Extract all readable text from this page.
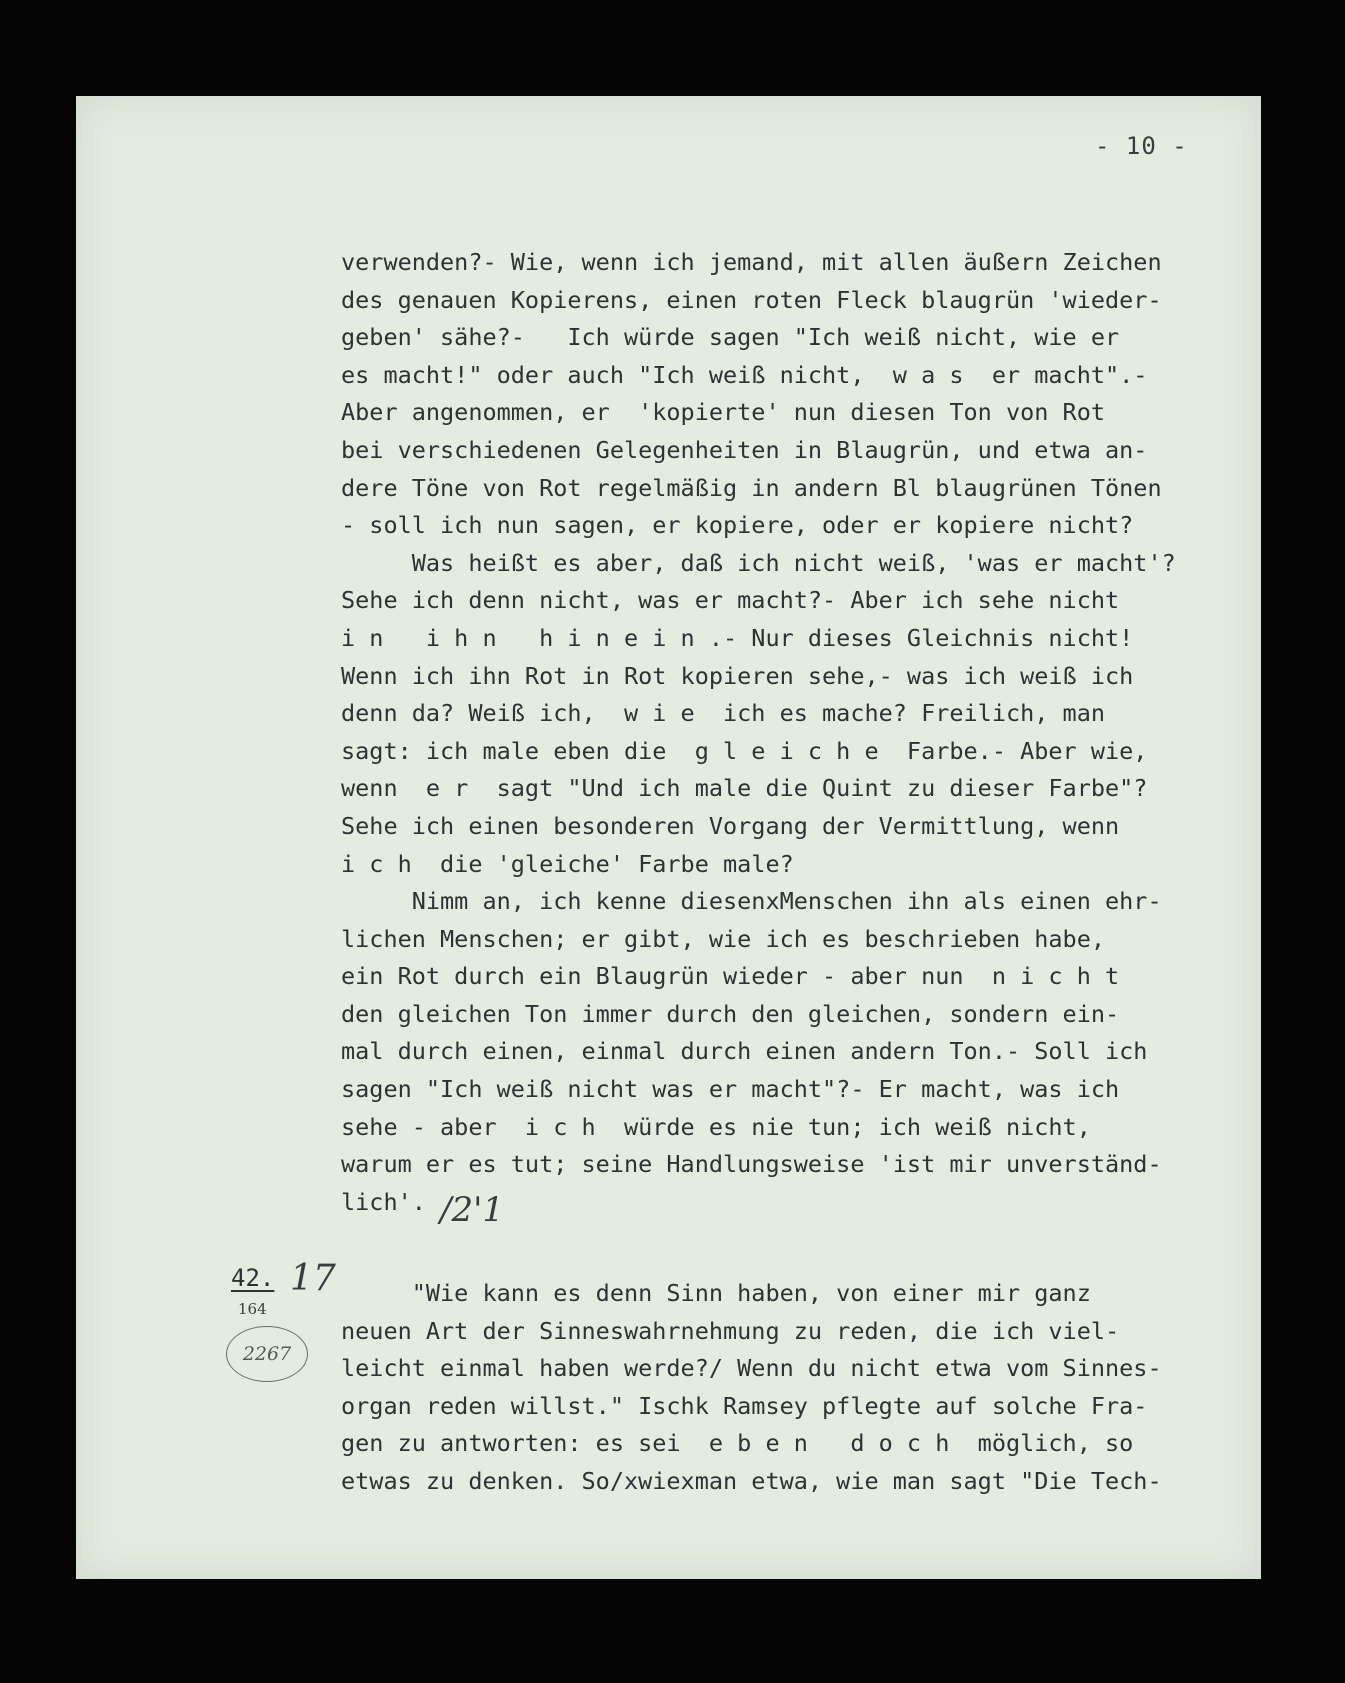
- 10 -
verwenden?- Wie, wenn ich jemand, mit allen äußern Zeichen
des genauen Kopierens, einen roten Fleck blaugrün 'wieder-
geben' sähe?-   Ich würde sagen "Ich weiß nicht, wie er
es macht!" oder auch "Ich weiß nicht,  w a s  er macht".-
Aber angenommen, er  'kopierte' nun diesen Ton von Rot
bei verschiedenen Gelegenheiten in Blaugrün, und etwa an-
dere Töne von Rot regelmäßig in andern Bl blaugrünen Tönen
- soll ich nun sagen, er kopiere, oder er kopiere nicht?
Was heißt es aber, daß ich nicht weiß, 'was er macht'?
Sehe ich denn nicht, was er macht?- Aber ich sehe nicht
i n   i h n   h i n e i n .- Nur dieses Gleichnis nicht!
Wenn ich ihn Rot in Rot kopieren sehe,- was ich weiß ich
denn da? Weiß ich,  w i e  ich es mache? Freilich, man
sagt: ich male eben die  g l e i c h e  Farbe.- Aber wie,
wenn  e r  sagt "Und ich male die Quint zu dieser Farbe"?
Sehe ich einen besonderen Vorgang der Vermittlung, wenn
i c h  die 'gleiche' Farbe male?
Nimm an, ich kenne diesenxMenschen ihn als einen ehr-
lichen Menschen; er gibt, wie ich es beschrieben habe,
ein Rot durch ein Blaugrün wieder - aber nun  n i c h t
den gleichen Ton immer durch den gleichen, sondern ein-
mal durch einen, einmal durch einen andern Ton.- Soll ich
sagen "Ich weiß nicht was er macht"?- Er macht, was ich
sehe - aber  i c h  würde es nie tun; ich weiß nicht,
warum er es tut; seine Handlungsweise 'ist mir unverständ-
lich'.
"Wie kann es denn Sinn haben, von einer mir ganz
neuen Art der Sinneswahrnehmung zu reden, die ich viel-
leicht einmal haben werde?/ Wenn du nicht etwa vom Sinnes-
organ reden willst." Ischk Ramsey pflegte auf solche Fra-
gen zu antworten: es sei  e b e n   d o c h  möglich, so
etwas zu denken. So/xwiexman etwa, wie man sagt "Die Tech-
/2'1
42.
164
17
2267
